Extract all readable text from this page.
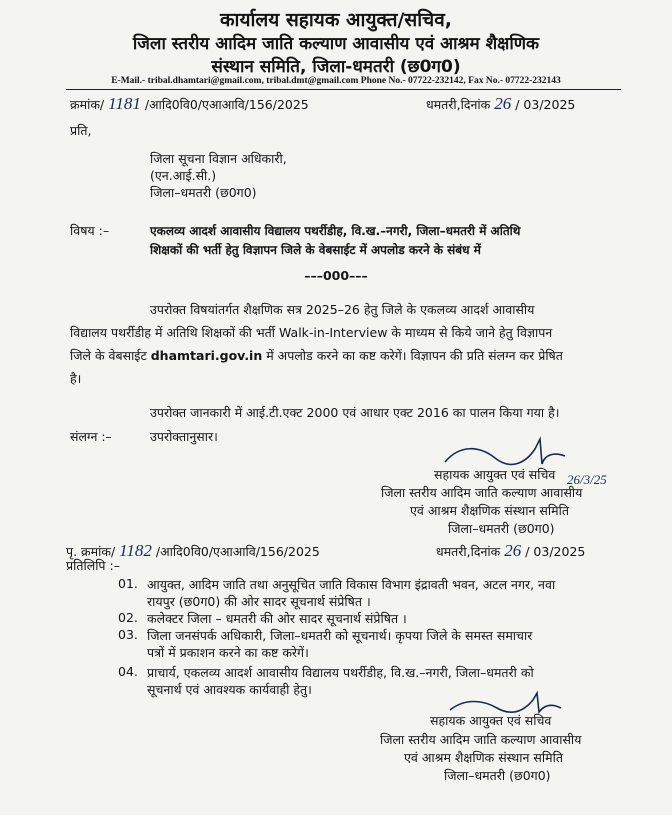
कार्यालय सहायक आयुक्त/सचिव,
जिला स्तरीय आदिम जाति कल्याण आवासीय एवं आश्रम शैक्षणिक
संस्थान समिति, जिला-धमतरी (छ0ग0)
E-Mail.- tribal.dhamtari@gmail.com, tribal.dmt@gmail.com Phone No.- 07722-232142, Fax No.- 07722-232143
क्रमांक/ 1181 /आदि0वि0/एआआवि/156/2025	धमतरी,दिनांक 26 / 03/2025
प्रति,
जिला सूचना विज्ञान अधिकारी,
(एन.आई.सी.)
जिला–धमतरी (छ0ग0)
विषय :–	एकलव्य आदर्श आवासीय विद्यालय पथर्रीडीह, वि.ख.–नगरी, जिला–धमतरी में अतिथि
शिक्षकों की भर्ती हेतु विज्ञापन जिले के वेबसाईट में अपलोड करने के संबंध में
–––000–––
उपरोक्त विषयांतर्गत शैक्षणिक सत्र 2025–26 हेतु जिले के एकलव्य आदर्श आवासीय
विद्यालय पथर्रीडीह में अतिथि शिक्षकों की भर्ती Walk-in-Interview के माध्यम से किये जाने हेतु विज्ञापन
जिले के वेबसाईट dhamtari.gov.in में अपलोड करने का कष्ट करेगें। विज्ञापन की प्रति संलग्न कर प्रेषित
है।
उपरोक्त जानकारी में आई.टी.एक्ट 2000 एवं आधार एक्ट 2016 का पालन किया गया है।
संलग्न :–	उपरोक्तानुसार।
सहायक आयुक्त एवं सचिव 26/3/25
जिला स्तरीय आदिम जाति कल्याण आवासीय
एवं आश्रम शैक्षणिक संस्थान समिति
जिला–धमतरी (छ0ग0)
पृ. क्रमांक/ 1182 /आदि0वि0/एआआवि/156/2025	धमतरी,दिनांक 26 / 03/2025
प्रतिलिपि :–
01. आयुक्त, आदिम जाति तथा अनुसूचित जाति विकास विभाग इंद्रावती भवन, अटल नगर, नवा
रायपुर (छ0ग0) की ओर सादर सूचनार्थ संप्रेषित ।
02. कलेक्टर जिला – धमतरी की ओर सादर सूचनार्थ संप्रेषित ।
03. जिला जनसंपर्क अधिकारी, जिला–धमतरी को सूचनार्थ। कृपया जिले के समस्त समाचार
पत्रों में प्रकाशन करने का कष्ट करेगें।
04. प्राचार्य, एकलव्य आदर्श आवासीय विद्यालय पथर्रीडीह, वि.ख.–नगरी, जिला–धमतरी को
सूचनार्थ एवं आवश्यक कार्यवाही हेतु।
सहायक आयुक्त एवं सचिव
जिला स्तरीय आदिम जाति कल्याण आवासीय
एवं आश्रम शैक्षणिक संस्थान समिति
जिला–धमतरी (छ0ग0)
